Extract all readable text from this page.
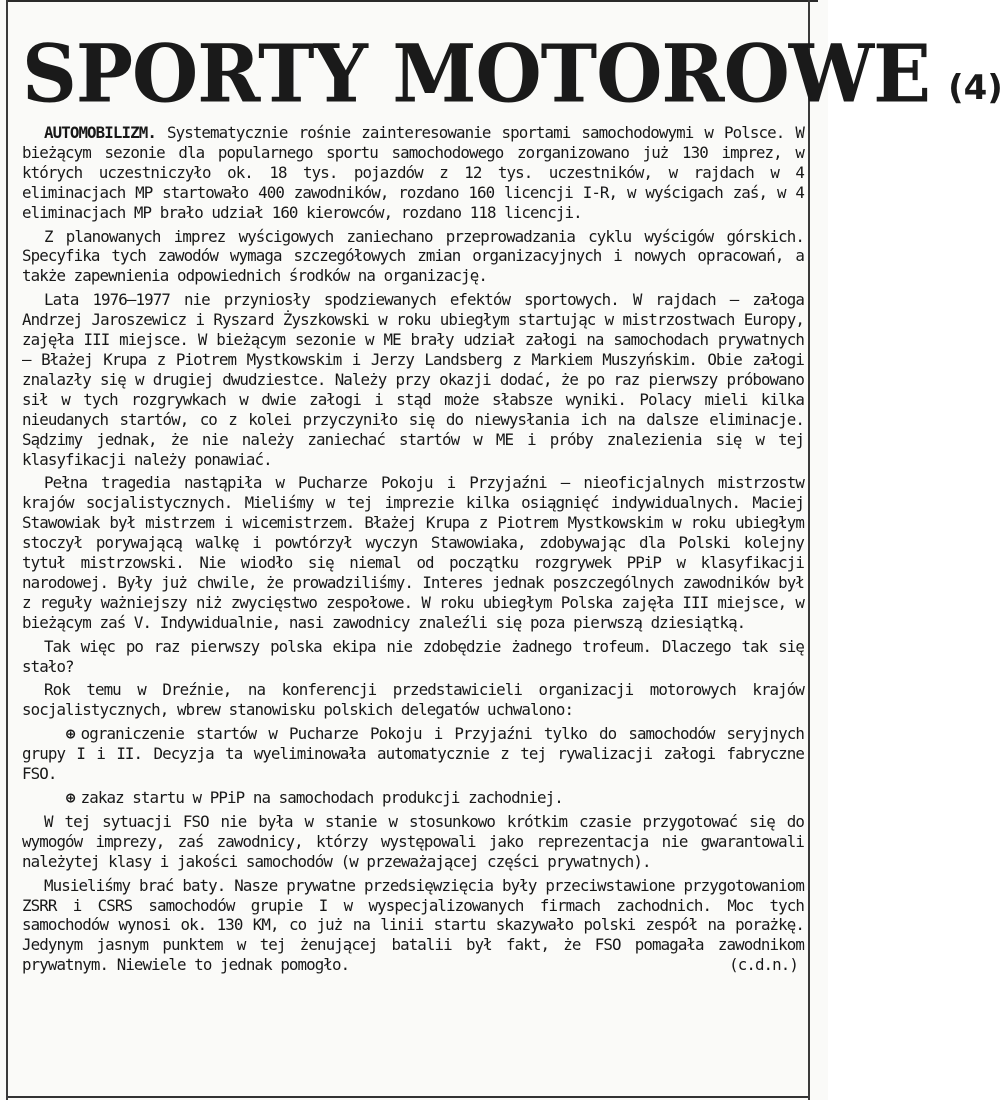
SPORTY MOTOROWE (4)

AUTOMOBILIZM. Systematycznie rośnie zainteresowanie sportami samochodowymi w Polsce. W bieżącym sezonie dla popularnego sportu samochodowego zorganizowano już 130 imprez, w których uczestniczyło ok. 18 tys. pojazdów z 12 tys. uczestników, w rajdach w 4 eliminacjach MP startowało 400 zawodników, rozdano 160 licencji I-R, w wyścigach zaś, w 4 eliminacjach MP brało udział 160 kierowców, rozdano 118 licencji.

Z planowanych imprez wyścigowych zaniechano przeprowadzania cyklu wyścigów górskich. Specyfika tych zawodów wymaga szczegółowych zmian organizacyjnych i nowych opracowań, a także zapewnienia odpowiednich środków na organizację.

Lata 1976—1977 nie przyniosły spodziewanych efektów sportowych. W rajdach — załoga Andrzej Jaroszewicz i Ryszard Żyszkowski w roku ubiegłym startując w mistrzostwach Europy, zajęła III miejsce. W bieżącym sezonie w ME brały udział załogi na samochodach prywatnych — Błażej Krupa z Piotrem Mystkowskim i Jerzy Landsberg z Markiem Muszyńskim. Obie załogi znalazły się w drugiej dwudziestce. Należy przy okazji dodać, że po raz pierwszy próbowano sił w tych rozgrywkach w dwie załogi i stąd może słabsze wyniki. Polacy mieli kilka nieudanych startów, co z kolei przyczyniło się do niewysłania ich na dalsze eliminacje. Sądzimy jednak, że nie należy zaniechać startów w ME i próby znalezienia się w tej klasyfikacji należy ponawiać.

Pełna tragedia nastąpiła w Pucharze Pokoju i Przyjaźni — nieoficjalnych mistrzostw krajów socjalistycznych. Mieliśmy w tej imprezie kilka osiągnięć indywidualnych. Maciej Stawowiak był mistrzem i wicemistrzem. Błażej Krupa z Piotrem Mystkowskim w roku ubiegłym stoczył porywającą walkę i powtórzył wyczyn Stawowiaka, zdobywając dla Polski kolejny tytuł mistrzowski. Nie wiodło się niemal od początku rozgrywek PPiP w klasyfikacji narodowej. Były już chwile, że prowadziliśmy. Interes jednak poszczególnych zawodników był z reguły ważniejszy niż zwycięstwo zespołowe. W roku ubiegłym Polska zajęła III miejsce, w bieżącym zaś V. Indywidualnie, nasi zawodnicy znaleźli się poza pierwszą dziesiątką.

Tak więc po raz pierwszy polska ekipa nie zdobędzie żadnego trofeum. Dlaczego tak się stało?

Rok temu w Dreźnie, na konferencji przedstawicieli organizacji motorowych krajów socjalistycznych, wbrew stanowisku polskich delegatów uchwalono:

⊕ ograniczenie startów w Pucharze Pokoju i Przyjaźni tylko do samochodów seryjnych grupy I i II. Decyzja ta wyeliminowała automatycznie z tej rywalizacji załogi fabryczne FSO.

⊕ zakaz startu w PPiP na samochodach produkcji zachodniej.

W tej sytuacji FSO nie była w stanie w stosunkowo krótkim czasie przygotować się do wymogów imprezy, zaś zawodnicy, którzy występowali jako reprezentacja nie gwarantowali należytej klasy i jakości samochodów (w przeważającej części prywatnych).

Musieliśmy brać baty. Nasze prywatne przedsięwzięcia były przeciwstawione przygotowaniom ZSRR i CSRS samochodów grupie I w wyspecjalizowanych firmach zachodnich. Moc tych samochodów wynosi ok. 130 KM, co już na linii startu skazywało polski zespół na porażkę. Jedynym jasnym punktem w tej żenującej batalii był fakt, że FSO pomagała zawodnikom prywatnym. Niewiele to jednak pomogło.	(c.d.n.)
